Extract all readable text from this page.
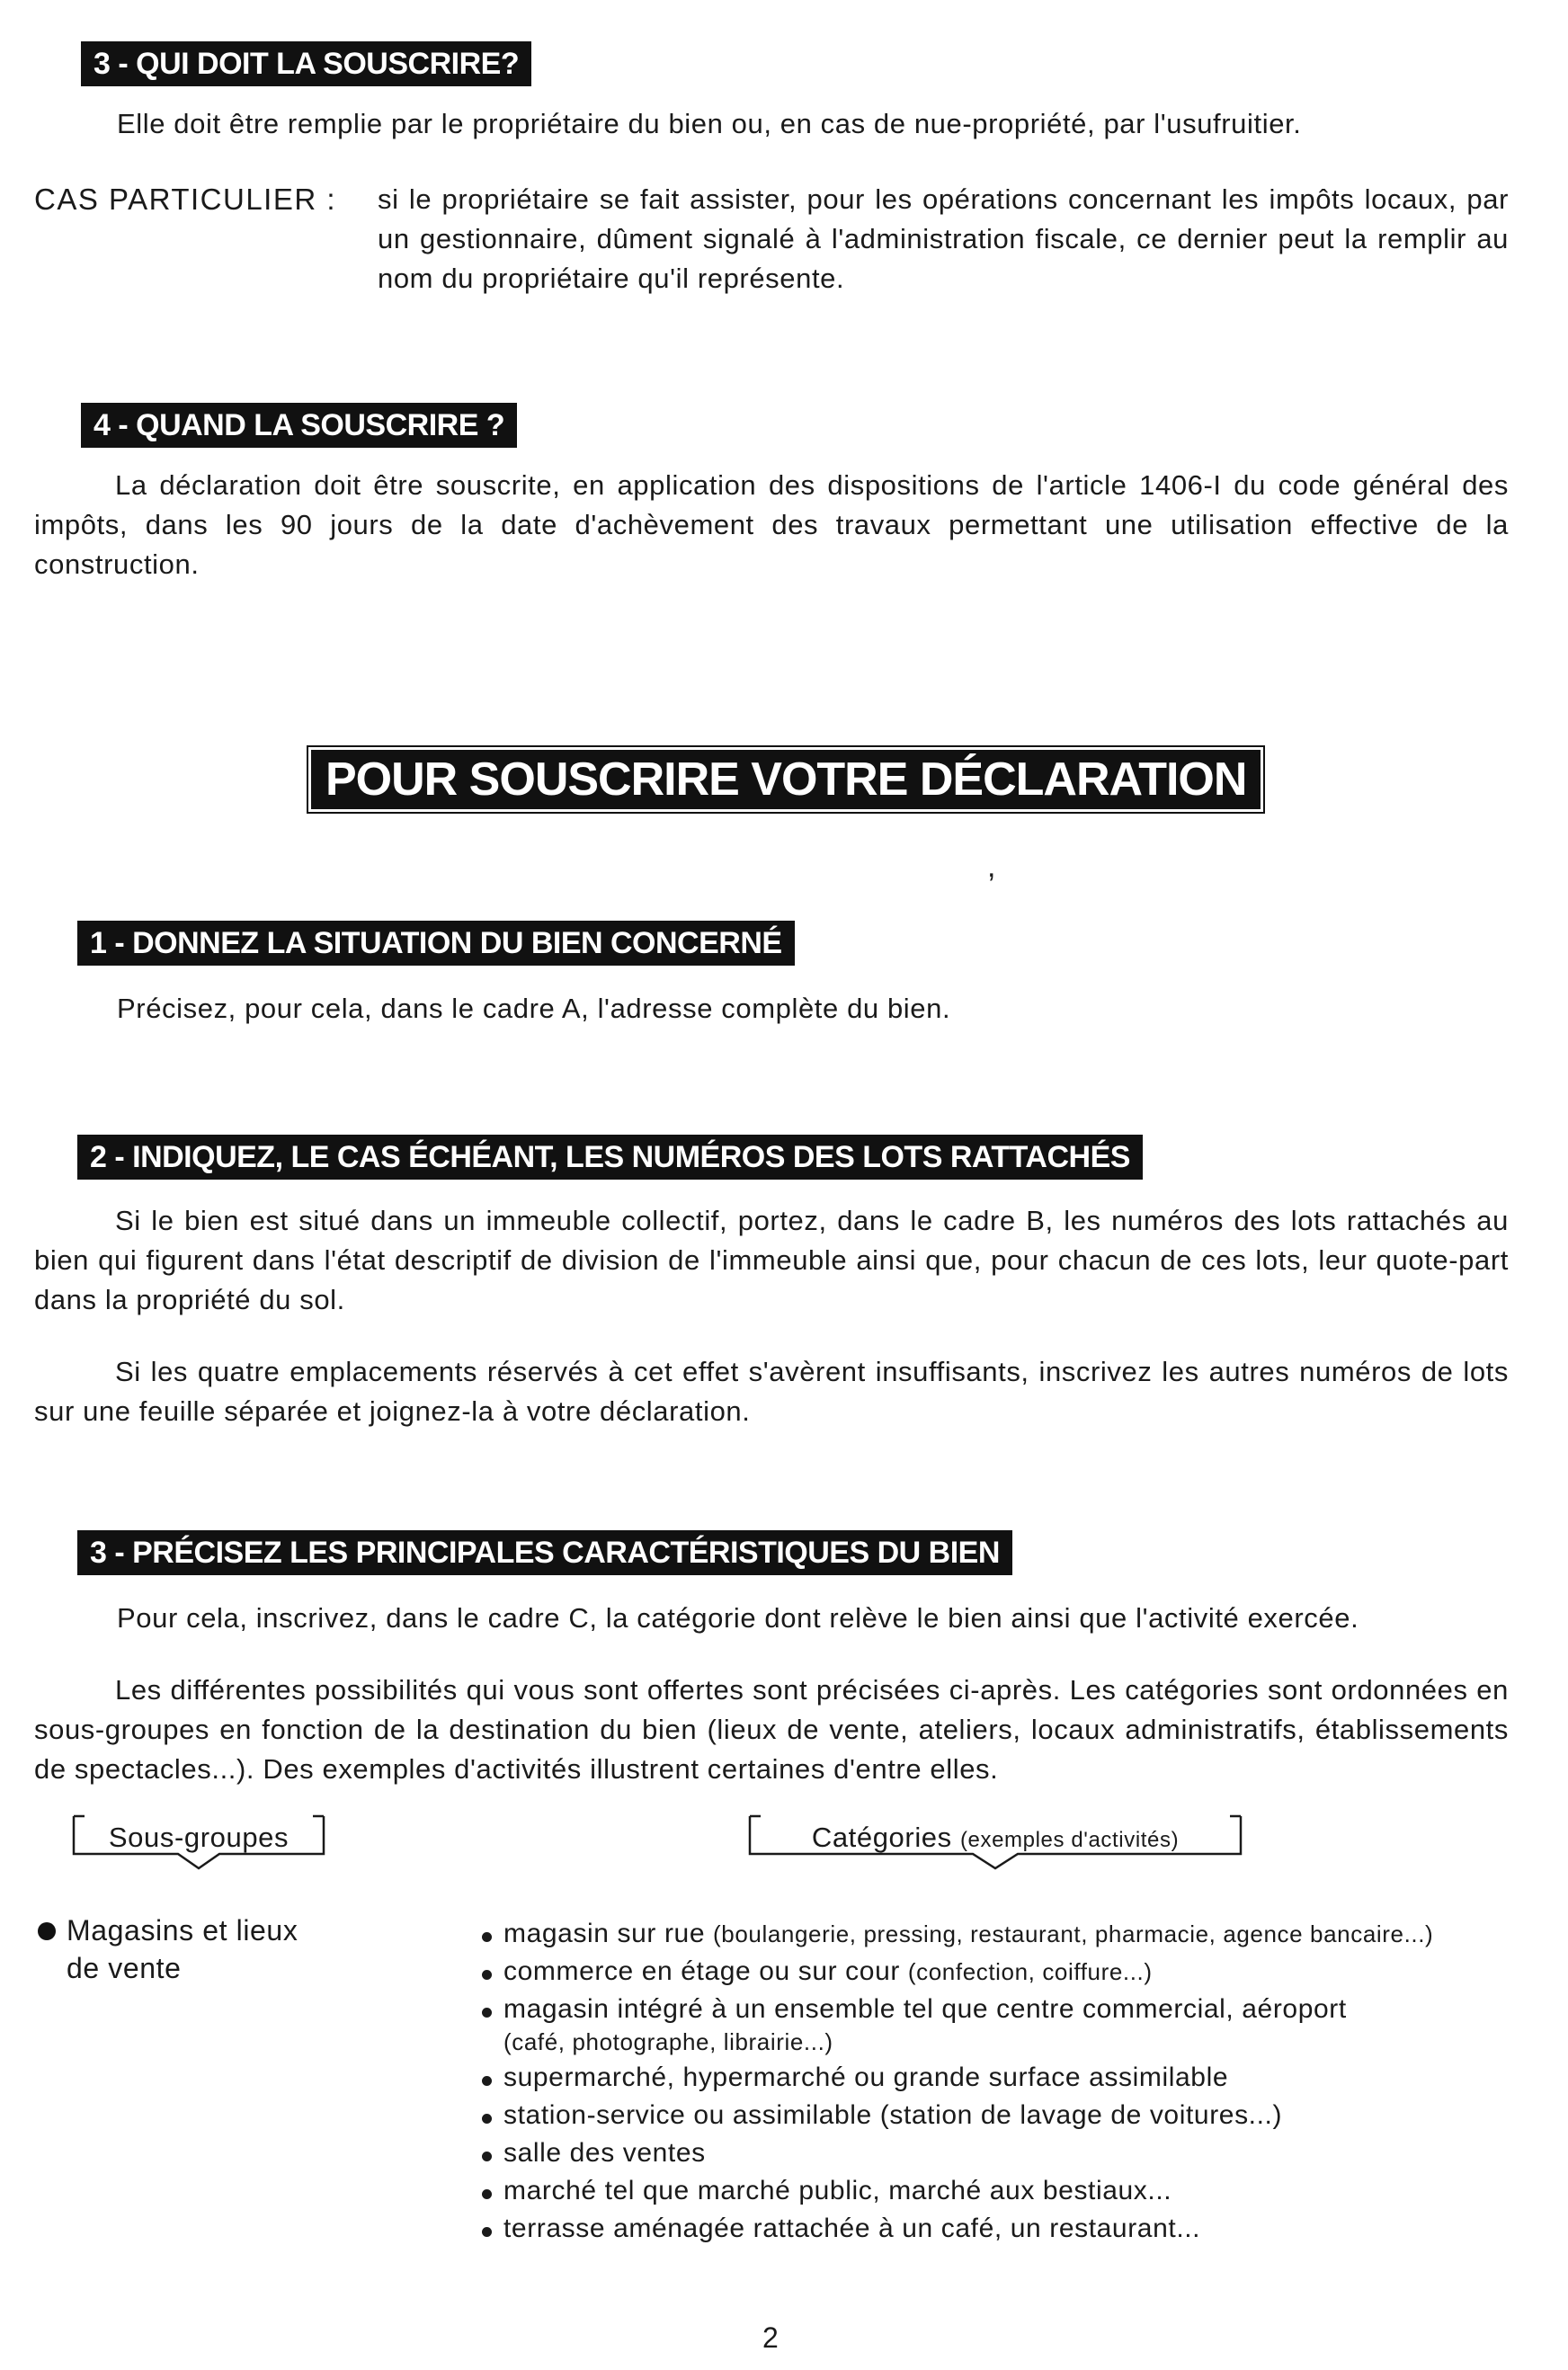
3 - QUI DOIT LA SOUSCRIRE?
Elle doit être remplie par le propriétaire du bien ou, en cas de nue-propriété, par l'usufruitier.
CAS PARTICULIER : si le propriétaire se fait assister, pour les opérations concernant les impôts locaux, par un gestionnaire, dûment signalé à l'administration fiscale, ce dernier peut la remplir au nom du propriétaire qu'il représente.
4 - QUAND LA SOUSCRIRE ?
La déclaration doit être souscrite, en application des dispositions de l'article 1406-I du code général des impôts, dans les 90 jours de la date d'achèvement des travaux permettant une utilisation effective de la construction.
POUR SOUSCRIRE VOTRE DÉCLARATION
,
1 - DONNEZ LA SITUATION DU BIEN CONCERNÉ
Précisez, pour cela, dans le cadre A, l'adresse complète du bien.
2 - INDIQUEZ, LE CAS ÉCHÉANT, LES NUMÉROS DES LOTS RATTACHÉS
Si le bien est situé dans un immeuble collectif, portez, dans le cadre B, les numéros des lots rattachés au bien qui figurent dans l'état descriptif de division de l'immeuble ainsi que, pour chacun de ces lots, leur quote-part dans la propriété du sol.
Si les quatre emplacements réservés à cet effet s'avèrent insuffisants, inscrivez les autres numéros de lots sur une feuille séparée et joignez-la à votre déclaration.
3 - PRÉCISEZ LES PRINCIPALES CARACTÉRISTIQUES DU BIEN
Pour cela, inscrivez, dans le cadre C, la catégorie dont relève le bien ainsi que l'activité exercée.
Les différentes possibilités qui vous sont offertes sont précisées ci-après. Les catégories sont ordonnées en sous-groupes en fonction de la destination du bien (lieux de vente, ateliers, locaux administratifs, établissements de spectacles...). Des exemples d'activités illustrent certaines d'entre elles.
Sous-groupes	Catégories (exemples d'activités)
Magasins et lieux
de vente
magasin sur rue (boulangerie, pressing, restaurant, pharmacie, agence bancaire...)
commerce en étage ou sur cour (confection, coiffure...)
magasin intégré à un ensemble tel que centre commercial, aéroport
(café, photographe, librairie...)
supermarché, hypermarché ou grande surface assimilable
station-service ou assimilable (station de lavage de voitures...)
salle des ventes
marché tel que marché public, marché aux bestiaux...
terrasse aménagée rattachée à un café, un restaurant...
2
